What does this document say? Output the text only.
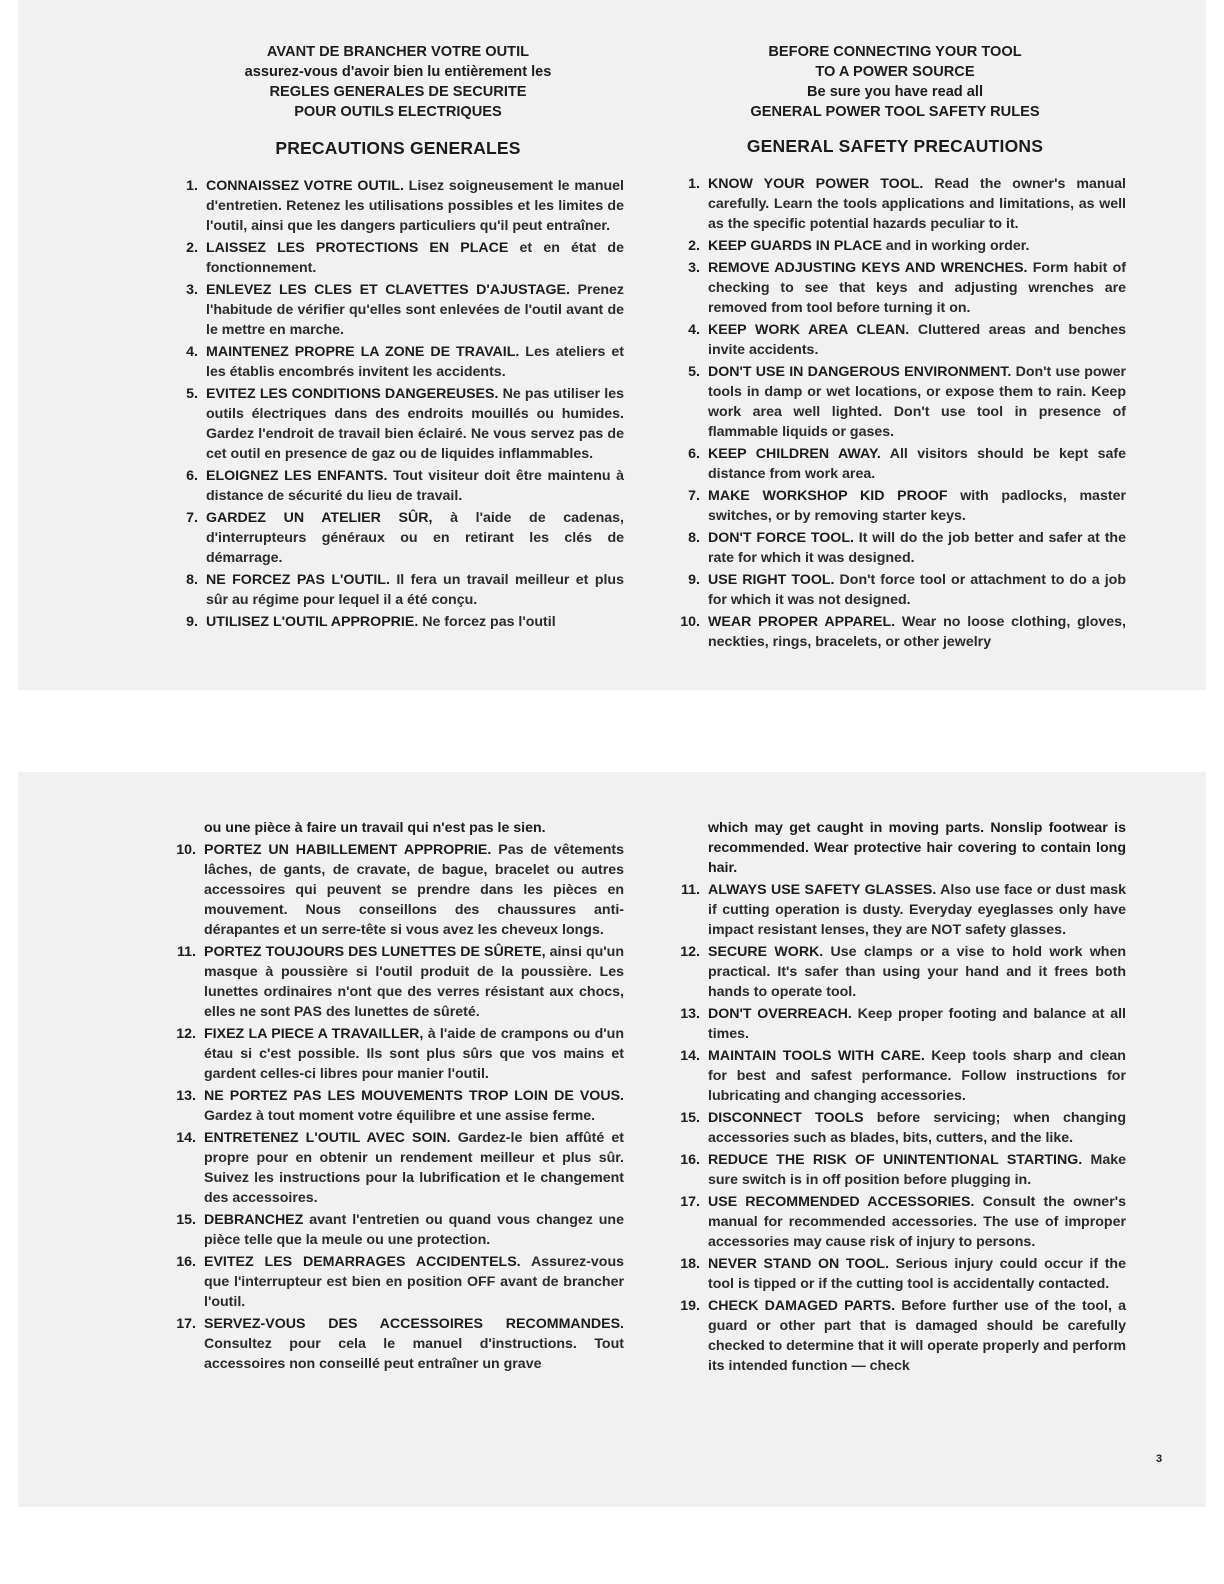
AVANT DE BRANCHER VOTRE OUTIL
assurez-vous d'avoir bien lu entièrement les
REGLES GENERALES DE SECURITE
POUR OUTILS ELECTRIQUES
PRECAUTIONS GENERALES
1. CONNAISSEZ VOTRE OUTIL. Lisez soigneusement le manuel d'entretien. Retenez les utilisations possibles et les limites de l'outil, ainsi que les dangers particuliers qu'il peut entraîner.
2. LAISSEZ LES PROTECTIONS EN PLACE et en état de fonctionnement.
3. ENLEVEZ LES CLES ET CLAVETTES D'AJUSTAGE. Prenez l'habitude de vérifier qu'elles sont enlevées de l'outil avant de le mettre en marche.
4. MAINTENEZ PROPRE LA ZONE DE TRAVAIL. Les ateliers et les établis encombrés invitent les accidents.
5. EVITEZ LES CONDITIONS DANGEREUSES. Ne pas utiliser les outils électriques dans des endroits mouillés ou humides. Gardez l'endroit de travail bien éclairé. Ne vous servez pas de cet outil en presence de gaz ou de liquides inflammables.
6. ELOIGNEZ LES ENFANTS. Tout visiteur doit être maintenu à distance de sécurité du lieu de travail.
7. GARDEZ UN ATELIER SÛR, à l'aide de cadenas, d'interrupteurs généraux ou en retirant les clés de démarrage.
8. NE FORCEZ PAS L'OUTIL. Il fera un travail meilleur et plus sûr au régime pour lequel il a été conçu.
9. UTILISEZ L'OUTIL APPROPRIE. Ne forcez pas l'outil
BEFORE CONNECTING YOUR TOOL
TO A POWER SOURCE
Be sure you have read all
GENERAL POWER TOOL SAFETY RULES
GENERAL SAFETY PRECAUTIONS
1. KNOW YOUR POWER TOOL. Read the owner's manual carefully. Learn the tools applications and limitations, as well as the specific potential hazards peculiar to it.
2. KEEP GUARDS IN PLACE and in working order.
3. REMOVE ADJUSTING KEYS AND WRENCHES. Form habit of checking to see that keys and adjusting wrenches are removed from tool before turning it on.
4. KEEP WORK AREA CLEAN. Cluttered areas and benches invite accidents.
5. DON'T USE IN DANGEROUS ENVIRONMENT. Don't use power tools in damp or wet locations, or expose them to rain. Keep work area well lighted. Don't use tool in presence of flammable liquids or gases.
6. KEEP CHILDREN AWAY. All visitors should be kept safe distance from work area.
7. MAKE WORKSHOP KID PROOF with padlocks, master switches, or by removing starter keys.
8. DON'T FORCE TOOL. It will do the job better and safer at the rate for which it was designed.
9. USE RIGHT TOOL. Don't force tool or attachment to do a job for which it was not designed.
10. WEAR PROPER APPAREL. Wear no loose clothing, gloves, neckties, rings, bracelets, or other jewelry
ou une pièce à faire un travail qui n'est pas le sien.
10. PORTEZ UN HABILLEMENT APPROPRIE. Pas de vêtements lâches, de gants, de cravate, de bague, bracelet ou autres accessoires qui peuvent se prendre dans les pièces en mouvement. Nous conseillons des chaussures anti-dérapantes et un serre-tête si vous avez les cheveux longs.
11. PORTEZ TOUJOURS DES LUNETTES DE SÛRETE, ainsi qu'un masque à poussière si l'outil produit de la poussière. Les lunettes ordinaires n'ont que des verres résistant aux chocs, elles ne sont PAS des lunettes de sûreté.
12. FIXEZ LA PIECE A TRAVAILLER, à l'aide de crampons ou d'un étau si c'est possible. Ils sont plus sûrs que vos mains et gardent celles-ci libres pour manier l'outil.
13. NE PORTEZ PAS LES MOUVEMENTS TROP LOIN DE VOUS. Gardez à tout moment votre équilibre et une assise ferme.
14. ENTRETENEZ L'OUTIL AVEC SOIN. Gardez-le bien affûté et propre pour en obtenir un rendement meilleur et plus sûr. Suivez les instructions pour la lubrification et le changement des accessoires.
15. DEBRANCHEZ avant l'entretien ou quand vous changez une pièce telle que la meule ou une protection.
16. EVITEZ LES DEMARRAGES ACCIDENTELS. Assurez-vous que l'interrupteur est bien en position OFF avant de brancher l'outil.
17. SERVEZ-VOUS DES ACCESSOIRES RECOMMANDES. Consultez pour cela le manuel d'instructions. Tout accessoires non conseillé peut entraîner un grave
which may get caught in moving parts. Nonslip footwear is recommended. Wear protective hair covering to contain long hair.
11. ALWAYS USE SAFETY GLASSES. Also use face or dust mask if cutting operation is dusty. Everyday eyeglasses only have impact resistant lenses, they are NOT safety glasses.
12. SECURE WORK. Use clamps or a vise to hold work when practical. It's safer than using your hand and it frees both hands to operate tool.
13. DON'T OVERREACH. Keep proper footing and balance at all times.
14. MAINTAIN TOOLS WITH CARE. Keep tools sharp and clean for best and safest performance. Follow instructions for lubricating and changing accessories.
15. DISCONNECT TOOLS before servicing; when changing accessories such as blades, bits, cutters, and the like.
16. REDUCE THE RISK OF UNINTENTIONAL STARTING. Make sure switch is in off position before plugging in.
17. USE RECOMMENDED ACCESSORIES. Consult the owner's manual for recommended accessories. The use of improper accessories may cause risk of injury to persons.
18. NEVER STAND ON TOOL. Serious injury could occur if the tool is tipped or if the cutting tool is accidentally contacted.
19. CHECK DAMAGED PARTS. Before further use of the tool, a guard or other part that is damaged should be carefully checked to determine that it will operate properly and perform its intended function — check
3
